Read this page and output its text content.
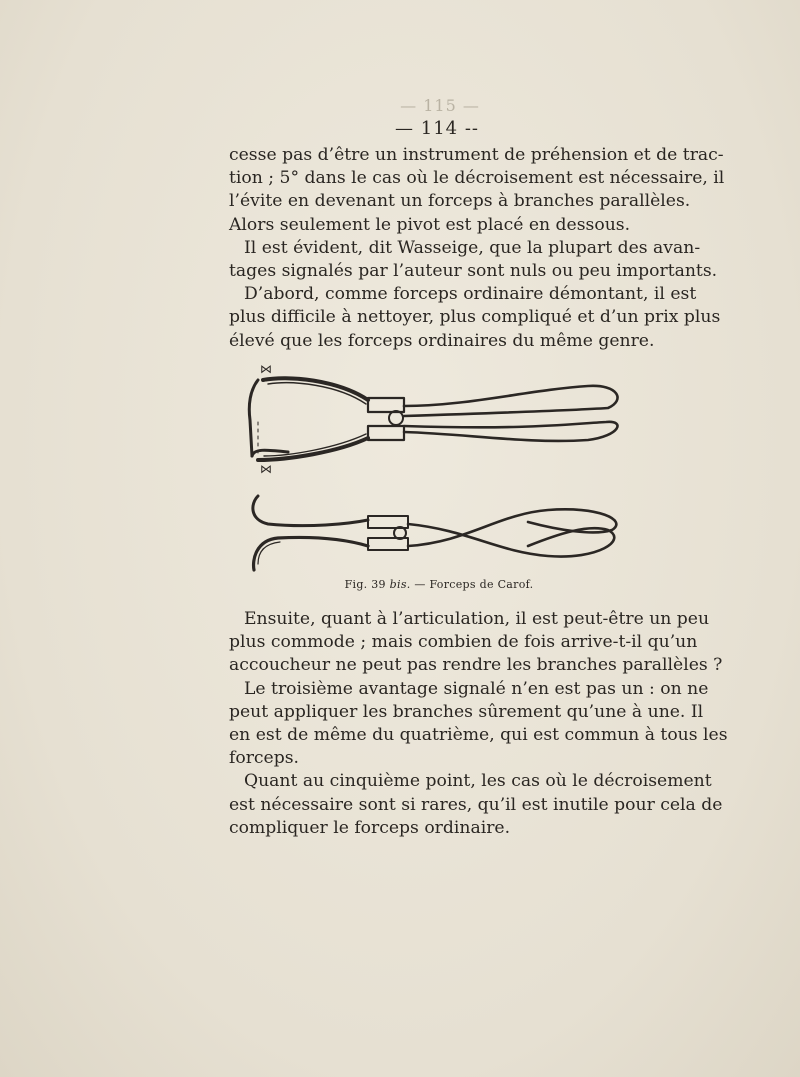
— 115 —
— 114 --
cesse pas d’être un instrument de préhension et de trac-
tion ; 5° dans le cas où le décroisement est nécessaire, il
l’évite en devenant un forceps à branches parallèles.
Alors seulement le pivot est placé en dessous.
Il est évident, dit Wasseige, que la plupart des avan-
tages signalés par l’auteur sont nuls ou peu importants.
D’abord, comme forceps ordinaire démontant, il est
plus difficile à nettoyer, plus compliqué et d’un prix plus
élevé que les forceps ordinaires du même genre.
⋈
⋈
Fig. 39 bis. — Forceps de Carof.
Ensuite, quant à l’articulation, il est peut-être un peu
plus commode ; mais combien de fois arrive-t-il qu’un
accoucheur ne peut pas rendre les branches parallèles ?
Le troisième avantage signalé n’en est pas un : on ne
peut appliquer les branches sûrement qu’une à une. Il
en est de même du quatrième, qui est commun à tous les
forceps.
Quant au cinquième point, les cas où le décroisement
est nécessaire sont si rares, qu’il est inutile pour cela de
compliquer le forceps ordinaire.
